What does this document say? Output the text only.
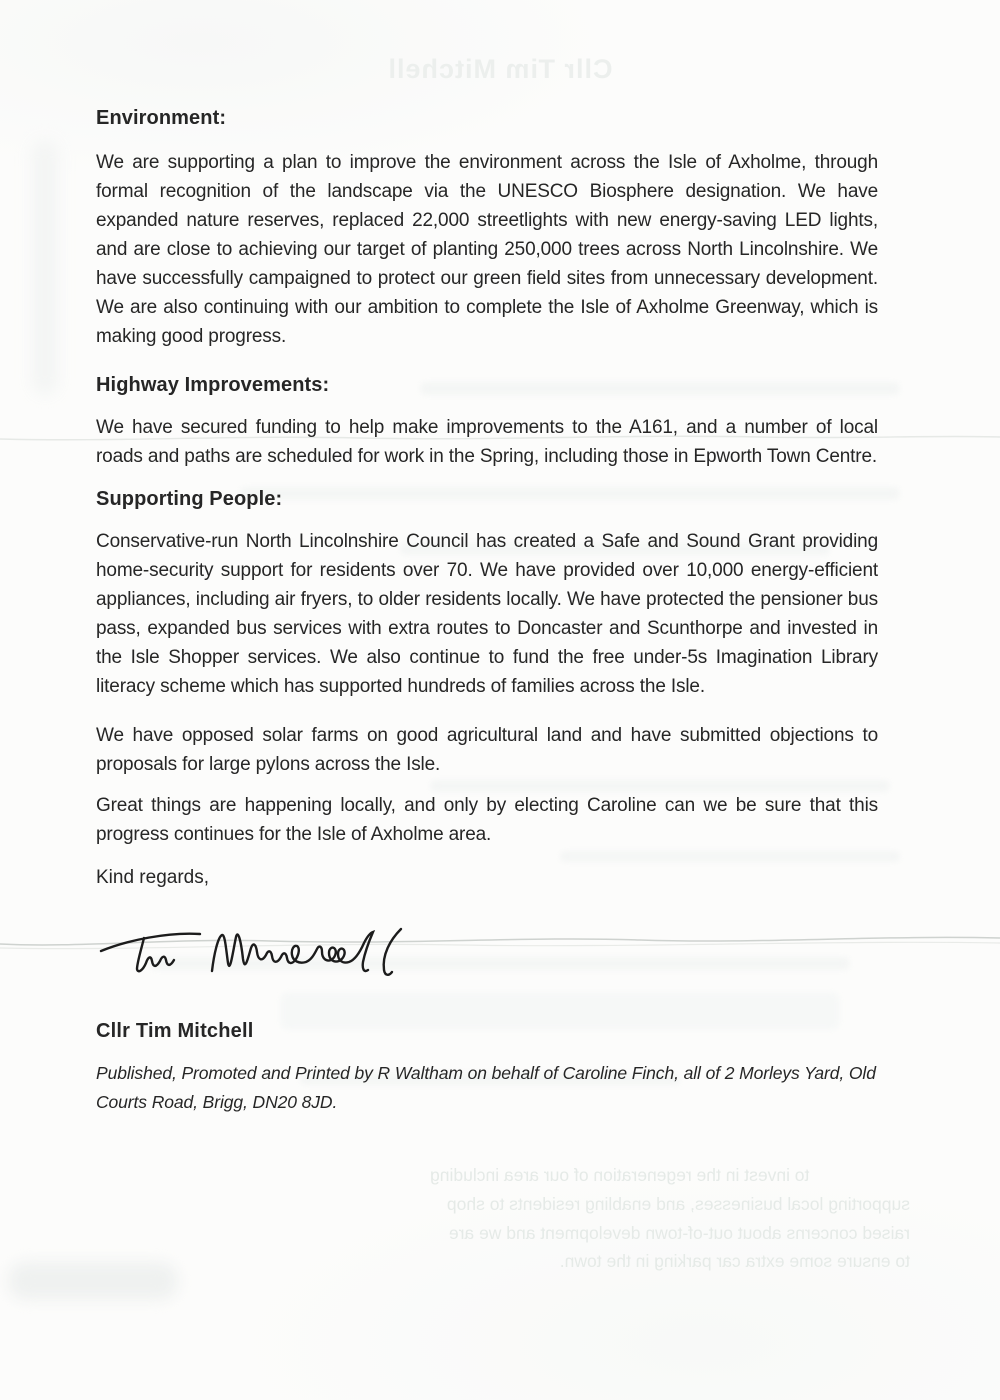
Cllr Tim Mitchell

Environment:

We are supporting a plan to improve the environment across the Isle of Axholme, through formal recognition of the landscape via the UNESCO Biosphere designation. We have expanded nature reserves, replaced 22,000 streetlights with new energy-saving LED lights, and are close to achieving our target of planting 250,000 trees across North Lincolnshire. We have successfully campaigned to protect our green field sites from unnecessary development. We are also continuing with our ambition to complete the Isle of Axholme Greenway, which is making good progress.

Highway Improvements:

We have secured funding to help make improvements to the A161, and a number of local roads and paths are scheduled for work in the Spring, including those in Epworth Town Centre.

Supporting People:

Conservative-run North Lincolnshire Council has created a Safe and Sound Grant providing home-security support for residents over 70. We have provided over 10,000 energy-efficient appliances, including air fryers, to older residents locally. We have protected the pensioner bus pass, expanded bus services with extra routes to Doncaster and Scunthorpe and invested in the Isle Shopper services. We also continue to fund the free under-5s Imagination Library literacy scheme which has supported hundreds of families across the Isle.

We have opposed solar farms on good agricultural land and have submitted objections to proposals for large pylons across the Isle.

Great things are happening locally, and only by electing Caroline can we be sure that this progress continues for the Isle of Axholme area.

Kind regards,

Cllr Tim Mitchell

Published, Promoted and Printed by R Waltham on behalf of Caroline Finch, all of 2 Morleys Yard, Old Courts Road, Brigg, DN20 8JD.

to invest in the regeneration of our area including
supporting local businesses, and enabling residents to shop
raised concerns about out-of-town development and we are
to ensure some extra car parking in the town.
